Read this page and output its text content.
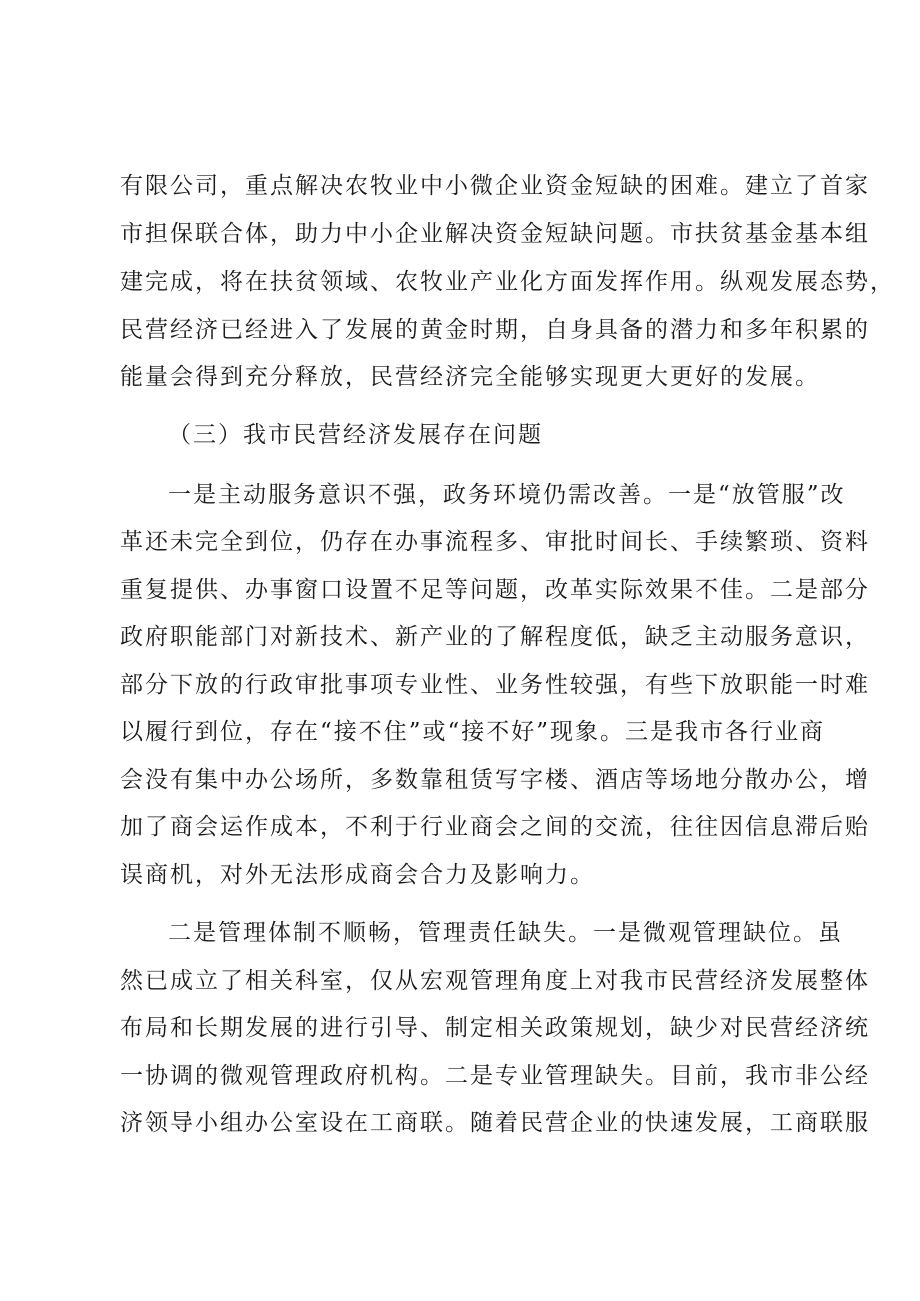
有限公司，重点解决农牧业中小微企业资金短缺的困难。建立了首家
市担保联合体，助力中小企业解决资金短缺问题。市扶贫基金基本组
建完成，将在扶贫领域、农牧业产业化方面发挥作用。纵观发展态势，
民营经济已经进入了发展的黄金时期，自身具备的潜力和多年积累的
能量会得到充分释放，民营经济完全能够实现更大更好的发展。
（三）我市民营经济发展存在问题
一是主动服务意识不强，政务环境仍需改善。一是“放管服”改
革还未完全到位，仍存在办事流程多、审批时间长、手续繁琐、资料
重复提供、办事窗口设置不足等问题，改革实际效果不佳。二是部分
政府职能部门对新技术、新产业的了解程度低，缺乏主动服务意识，
部分下放的行政审批事项专业性、业务性较强，有些下放职能一时难
以履行到位，存在“接不住”或“接不好”现象。三是我市各行业商
会没有集中办公场所，多数靠租赁写字楼、酒店等场地分散办公，增
加了商会运作成本，不利于行业商会之间的交流，往往因信息滞后贻
误商机，对外无法形成商会合力及影响力。
二是管理体制不顺畅，管理责任缺失。一是微观管理缺位。虽
然已成立了相关科室，仅从宏观管理角度上对我市民营经济发展整体
布局和长期发展的进行引导、制定相关政策规划，缺少对民营经济统
一协调的微观管理政府机构。二是专业管理缺失。目前，我市非公经
济领导小组办公室设在工商联。随着民营企业的快速发展，工商联服
